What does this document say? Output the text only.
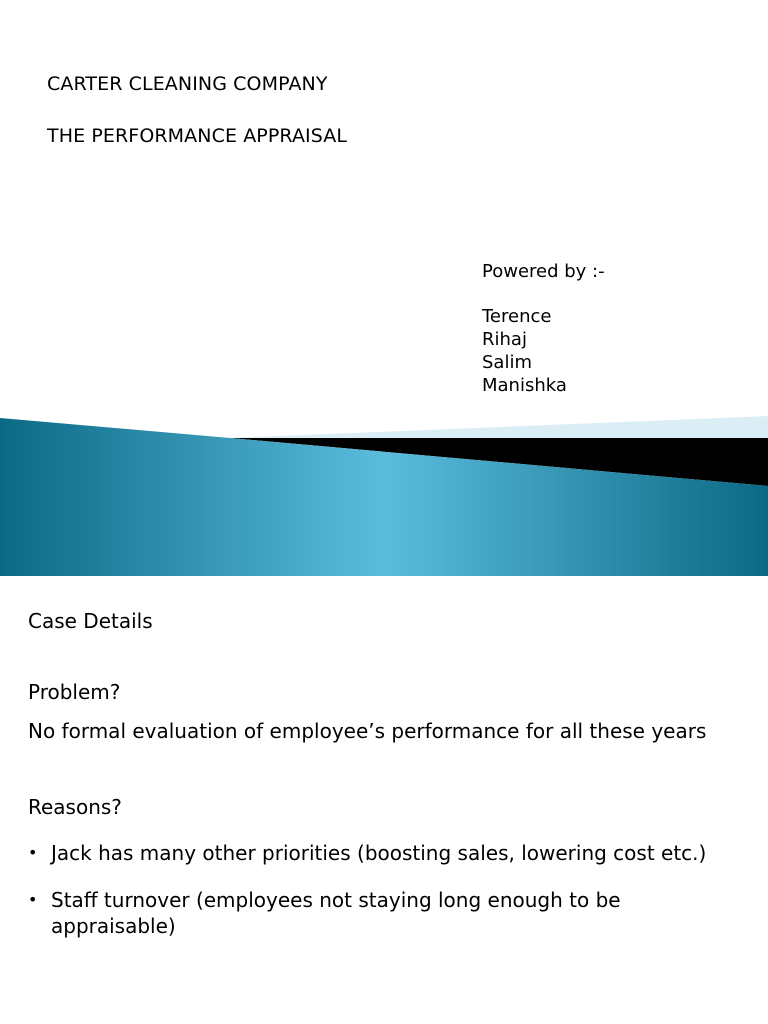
CARTER CLEANING COMPANY

THE PERFORMANCE APPRAISAL

Powered by :-

Terence
Rihaj
Salim
Manishka
Case Details

Problem?

No formal evaluation of employee’s performance for all these years

Reasons?

• Jack has many other priorities (boosting sales, lowering cost etc.)
• Staff turnover (employees not staying long enough to be appraisable)
